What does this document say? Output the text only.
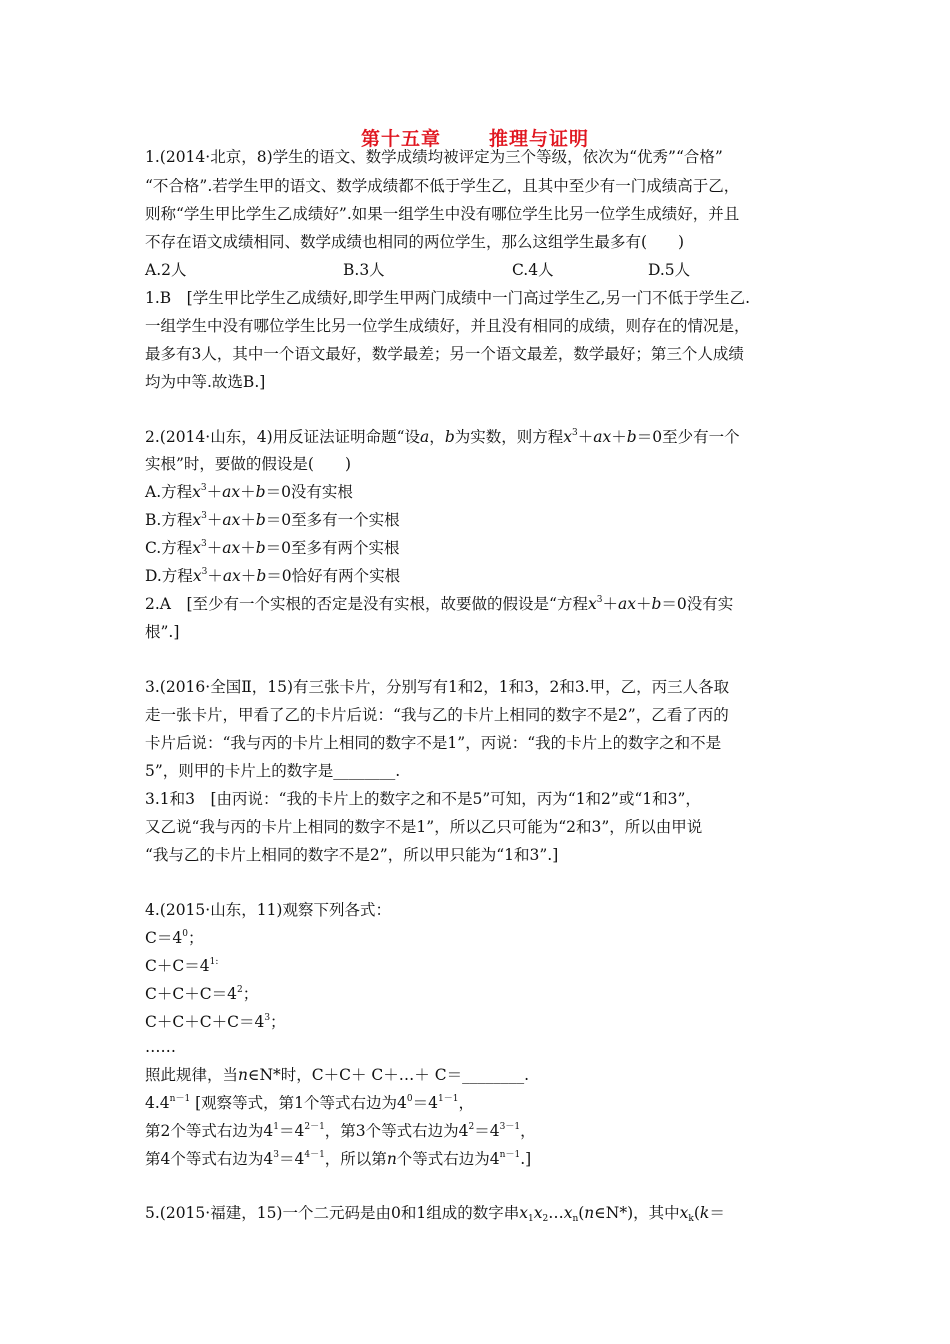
第十五章	推理与证明
1.(2014·北京，8)学生的语文、数学成绩均被评定为三个等级，依次为“优秀”“合格”
“不合格”.若学生甲的语文、数学成绩都不低于学生乙，且其中至少有一门成绩高于乙，
则称“学生甲比学生乙成绩好”.如果一组学生中没有哪位学生比另一位学生成绩好，并且
不存在语文成绩相同、数学成绩也相同的两位学生，那么这组学生最多有(　　)
A.2人	B.3人	C.4人	D.5人
1.B　[学生甲比学生乙成绩好,即学生甲两门成绩中一门高过学生乙,另一门不低于学生乙.
一组学生中没有哪位学生比另一位学生成绩好，并且没有相同的成绩，则存在的情况是，
最多有3人，其中一个语文最好，数学最差；另一个语文最差，数学最好；第三个人成绩
均为中等.故选B.]
2.(2014·山东，4)用反证法证明命题“设a，b为实数，则方程$x^3+ax+b=0$至少有一个
实根”时，要做的假设是(　　)
A.方程$x^3+ax+b=0$没有实根
B.方程$x^3+ax+b=0$至多有一个实根
C.方程$x^3+ax+b=0$至多有两个实根
D.方程$x^3+ax+b=0$恰好有两个实根
2.A　[至少有一个实根的否定是没有实根，故要做的假设是“方程$x^3+ax+b=0$没有实
根”.]
3.(2016·全国Ⅱ，15)有三张卡片，分别写有1和2，1和3，2和3.甲，乙，丙三人各取
走一张卡片，甲看了乙的卡片后说：“我与乙的卡片上相同的数字不是2”，乙看了丙的
卡片后说：“我与丙的卡片上相同的数字不是1”，丙说：“我的卡片上的数字之和不是
5”，则甲的卡片上的数字是________.
3.1和3　[由丙说：“我的卡片上的数字之和不是5”可知，丙为“1和2”或“1和3”，
又乙说“我与丙的卡片上相同的数字不是1”，所以乙只可能为“2和3”，所以由甲说
“我与乙的卡片上相同的数字不是2”，所以甲只能为“1和3”.]
4.(2015·山东，11)观察下列各式：
$C=4^0$；
$C+C=4^{1:}$
$C+C+C=4^2$；
$C+C+C+C=4^3$；
……
照此规律，当n∈N*时，C＋C＋ C＋…＋ C＝________.
$4.4^{n-1}$ [观察等式，第1个等式右边为$4^0=4^{1-1}$，
第2个等式右边为$4^1=4^{2-1}$，第3个等式右边为$4^2=4^{3-1}$，
第4个等式右边为$4^3=4^{4-1}$，所以第n个等式右边为$4^{n-1}$.]
5.(2015·福建，15)一个二元码是由0和1组成的数字串$x_1x_2\dots x_n(n\in N*)$，其中$x_k(k=$
